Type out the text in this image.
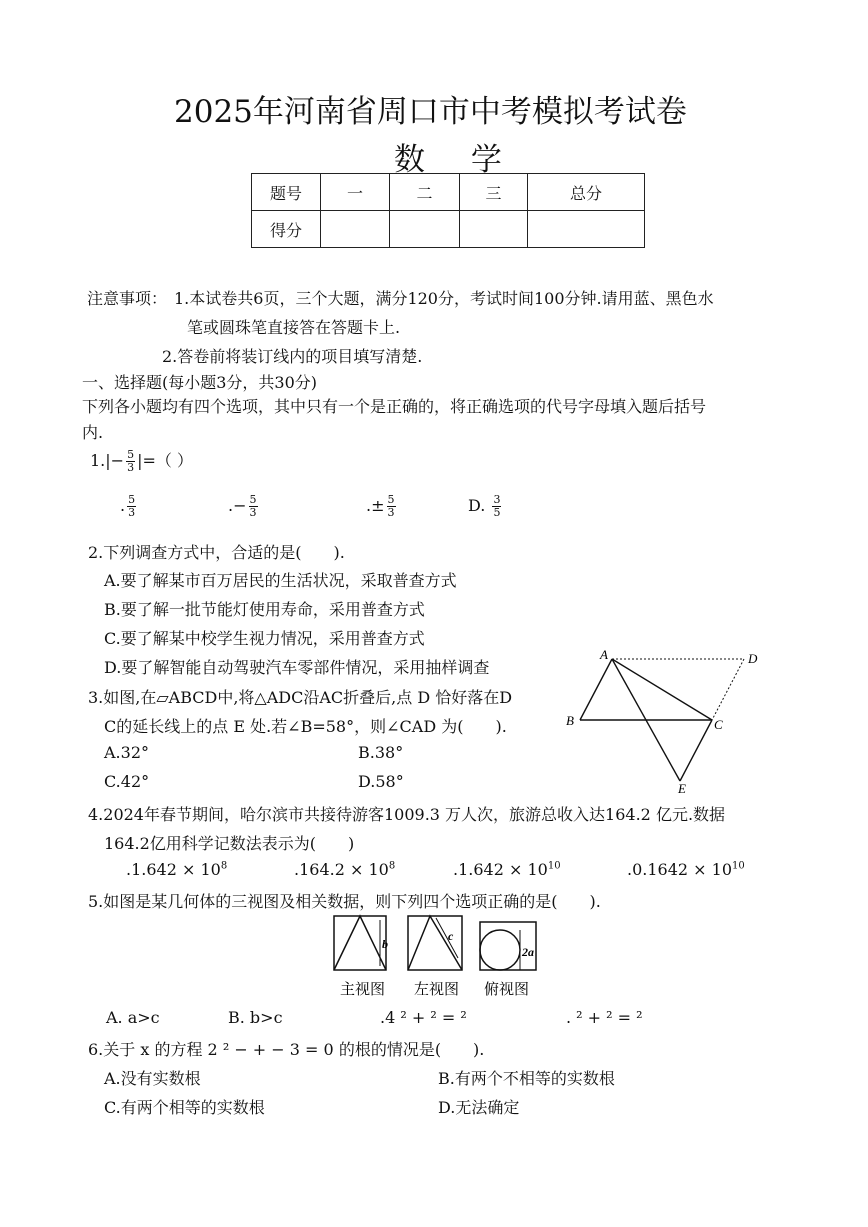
2025年河南省周口市中考模拟考试卷
数 学
题号	一	二	三	总分
得分				
注意事项： 1.本试卷共6页，三个大题，满分120分，考试时间100分钟.请用蓝、黑色水
笔或圆珠笔直接答在答题卡上.
2.答卷前将装订线内的项目填写清楚.
一、选择题(每小题3分，共30分)
下列各小题均有四个选项，其中只有一个是正确的，将正确选项的代号字母填入题后括号
内.
$1.|- \frac{5}{3}$ |=（ ）
. $\frac{5}{3}$	.− $\frac{5}{3}$	.± $\frac{5}{3}$	D. $\frac{3}{5}$
2.下列调查方式中，合适的是(　　).
A.要了解某市百万居民的生活状况，采取普查方式
B.要了解一批节能灯使用寿命，采用普查方式
C.要了解某中校学生视力情况，采用普查方式
D.要了解智能自动驾驶汽车零部件情况，采用抽样调查
3.如图,在▱ABCD中,将△ADC沿AC折叠后,点 D 恰好落在D
C的延长线上的点 E 处.若∠B=58°，则∠CAD 为(　　).
A.32°	B.38°
C.42°	D.58°
A
B	C
D
E
4.2024年春节期间，哈尔滨市共接待游客1009.3 万人次，旅游总收入达164.2 亿元.数据
164.2亿用科学记数法表示为(　　)
$.1.642 \times 10^8$	$.164.2 \times 10^8$	$.1.642 \times 10^{10}$	$.0.1642 \times 10^{10}$
5.如图是某几何体的三视图及相关数据，则下列四个选项正确的是(　　).
b
c
2a
主视图 左视图 俯视图
A. a>c	B. b>c	.4 ² + ² = ²	. ² + ² = ²
6.关于 x 的方程 2 ² − + − 3 = 0 的根的情况是(　　).
A.没有实数根	B.有两个不相等的实数根
C.有两个相等的实数根	D.无法确定
